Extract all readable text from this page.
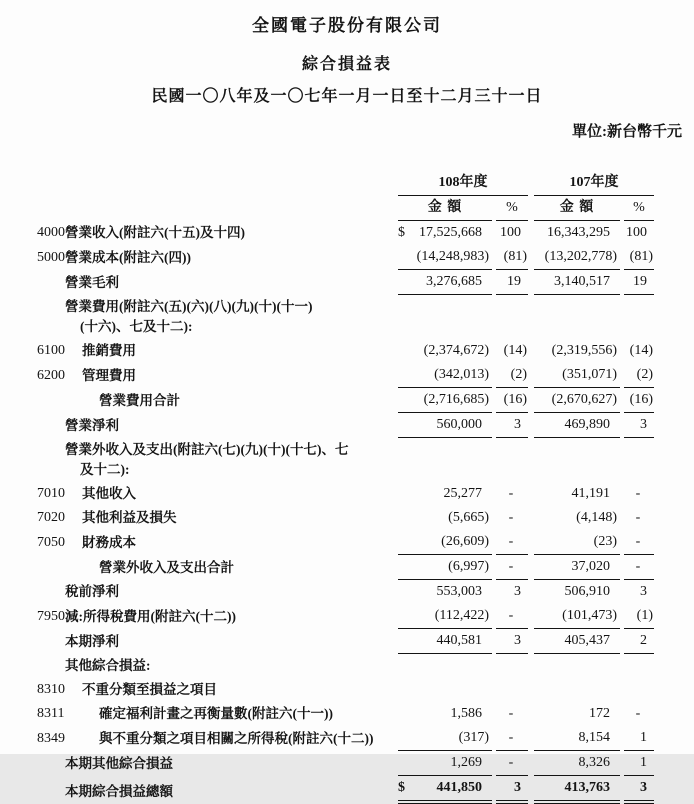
全國電子股份有限公司
綜合損益表
民國一〇八年及一〇七年一月一日至十二月三十一日
單位:新台幣千元
		108年度				107年度		
		金 額		%		金 額		%
4000	營業收入(附註六(十五)及十四)	$ 17,525,668		100		16,343,295		100
5000	營業成本(附註六(四))	(14,248,983)		(81)		(13,202,778)		(81)

	營業毛利	3,276,685		19		3,140,517		19

	營業費用(附註六(五)(六)(八)(九)(十)(十一)
(十六)、七及十二):							

6100	推銷費用	(2,374,672)		(14)		(2,319,556)		(14)
6200	管理費用	(342,013)		(2)		(351,071)		(2)

	營業費用合計	(2,716,685)		(16)		(2,670,627)		(16)

	營業淨利	560,000		3		469,890		3

	營業外收入及支出(附註六(七)(九)(十)(十七)、七
及十二):							

7010	其他收入	25,277		-		41,191		-
7020	其他利益及損失	(5,665)		-		(4,148)		-
7050	財務成本	(26,609)		-		(23)		-

	營業外收入及支出合計	(6,997)		-		37,020		-

	稅前淨利	553,003		3		506,910		3
7950	減:所得稅費用(附註六(十二))	(112,422)		-		(101,473)		(1)

	本期淨利	440,581		3		405,437		2

	其他綜合損益:							

8310	不重分類至損益之項目							

8311	確定福利計畫之再衡量數(附註六(十一))	1,586		-		172		-
8349	與不重分類之項目相關之所得稅(附註六(十二))	(317)		-		8,154		1

	本期其他綜合損益	1,269		-		8,326		1

	本期綜合損益總額	$ 441,850		3		413,763		3
